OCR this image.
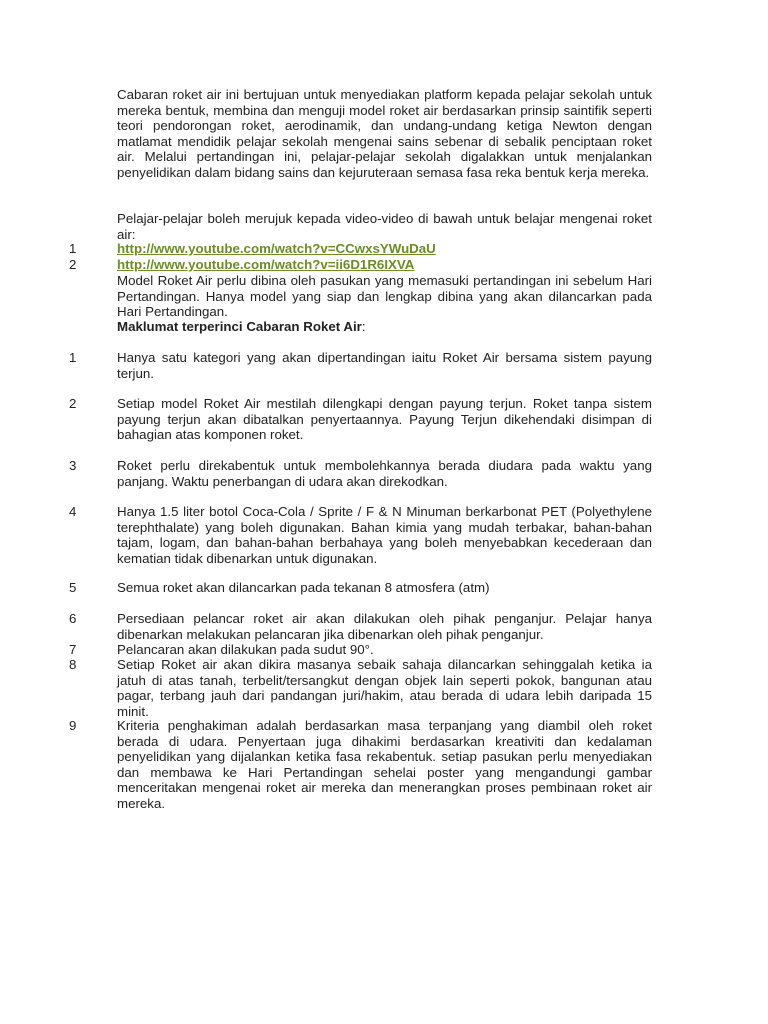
Cabaran roket air ini bertujuan untuk menyediakan platform kepada pelajar sekolah untuk mereka bentuk, membina dan menguji model roket air berdasarkan prinsip saintifik seperti teori pendorongan roket, aerodinamik, dan undang-undang ketiga Newton dengan matlamat mendidik pelajar sekolah mengenai sains sebenar di sebalik penciptaan roket air. Melalui pertandingan ini, pelajar-pelajar sekolah digalakkan untuk menjalankan penyelidikan dalam bidang sains dan kejuruteraan semasa fasa reka bentuk kerja mereka.

Pelajar-pelajar boleh merujuk kepada video-video di bawah untuk belajar mengenai roket air:

1	http://www.youtube.com/watch?v=CCwxsYWuDaU

2	http://www.youtube.com/watch?v=ii6D1R6IXVA

Model Roket Air perlu dibina oleh pasukan yang memasuki pertandingan ini sebelum Hari Pertandingan. Hanya model yang siap dan lengkap dibina yang akan dilancarkan pada Hari Pertandingan.

Maklumat terperinci Cabaran Roket Air:

1	Hanya satu kategori yang akan dipertandingan iaitu Roket Air bersama sistem payung terjun.

2	Setiap model Roket Air mestilah dilengkapi dengan payung terjun. Roket tanpa sistem payung terjun akan dibatalkan penyertaannya. Payung Terjun dikehendaki disimpan di bahagian atas komponen roket.

3	Roket perlu direkabentuk untuk membolehkannya berada diudara pada waktu yang panjang. Waktu penerbangan di udara akan direkodkan.

4	Hanya 1.5 liter botol Coca-Cola / Sprite / F & N Minuman berkarbonat PET (Polyethylene terephthalate) yang boleh digunakan. Bahan kimia yang mudah terbakar, bahan-bahan tajam, logam, dan bahan-bahan berbahaya yang boleh menyebabkan kecederaan dan kematian tidak dibenarkan untuk digunakan.

5	Semua roket akan dilancarkan pada tekanan 8 atmosfera (atm)

6	Persediaan pelancar roket air akan dilakukan oleh pihak penganjur. Pelajar hanya dibenarkan melakukan pelancaran jika dibenarkan oleh pihak penganjur.

7	Pelancaran akan dilakukan pada sudut 90°.

8	Setiap Roket air akan dikira masanya sebaik sahaja dilancarkan sehinggalah ketika ia jatuh di atas tanah, terbelit/tersangkut dengan objek lain seperti pokok, bangunan atau pagar, terbang jauh dari pandangan juri/hakim, atau berada di udara lebih daripada 15 minit.

9	Kriteria penghakiman adalah berdasarkan masa terpanjang yang diambil oleh roket berada di udara. Penyertaan juga dihakimi berdasarkan kreativiti dan kedalaman penyelidikan yang dijalankan ketika fasa rekabentuk. setiap pasukan perlu menyediakan dan membawa ke Hari Pertandingan sehelai poster yang mengandungi gambar menceritakan mengenai roket air mereka dan menerangkan proses pembinaan roket air mereka.
